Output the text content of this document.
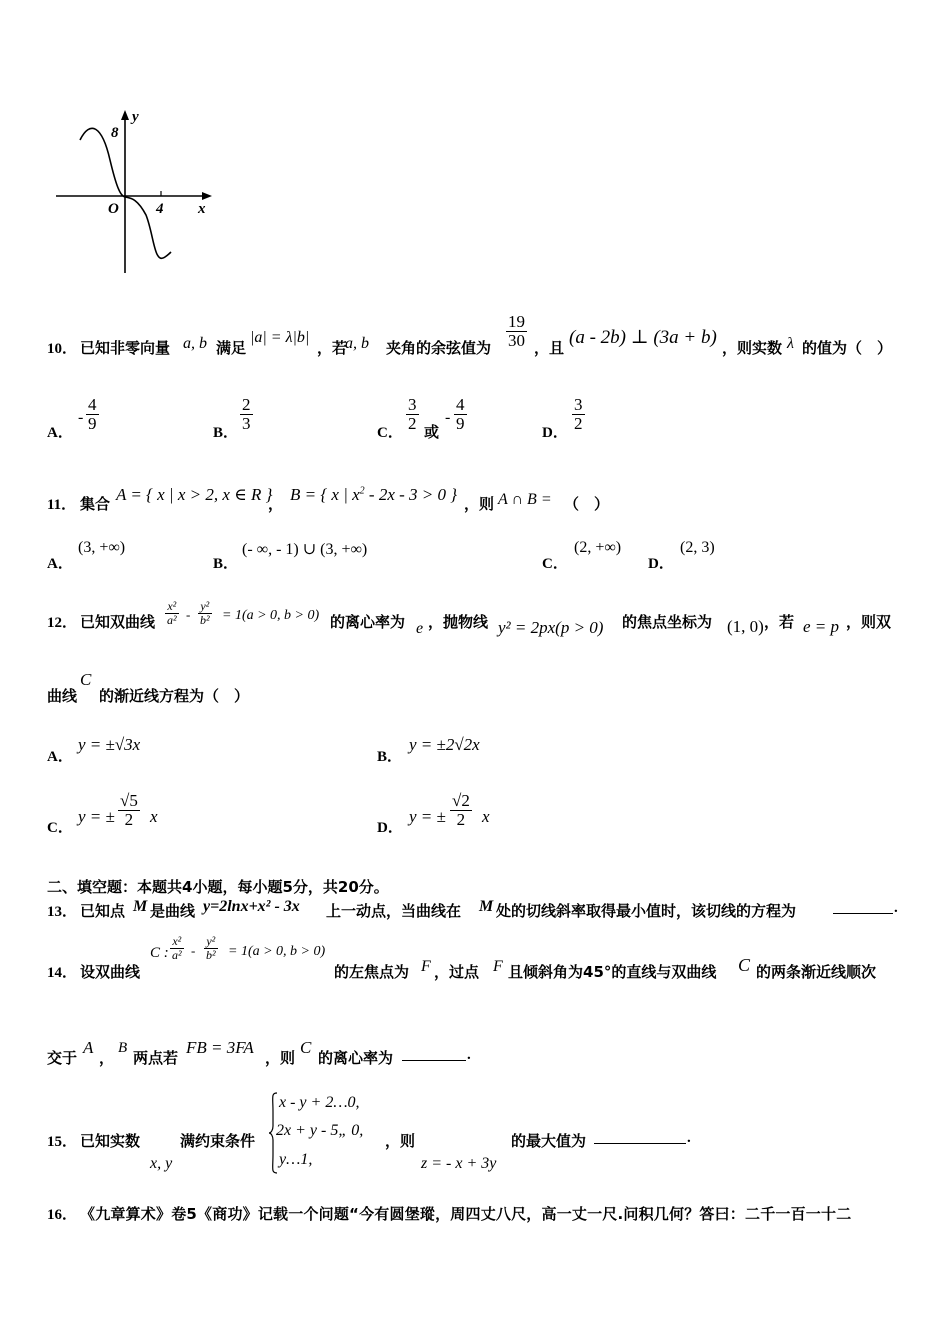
y
8
O 4 x
10． 已知非零向量 a, b 满足
|a| = λ|b|
，若
a, b 夹角的余弦值为 $\frac{19}{30}$ ，且 (a - 2b) ⊥ (3a + b) ，则实数 λ 的值为（　）
A．
- $\frac{4}{9}$	B． $\frac{2}{3}$	C． $\frac{3}{2}$ 或
- $\frac{4}{9}$	D． $\frac{3}{2}$
11． 集合 A = { x | x > 2, x ∈ R }
， B = { x | $x^2 - 2x - 3 > 0$ } ，则 A ∩ B = （　）
A．
(3, +∞)
B．
(- ∞, - 1) ∪ (3, +∞)
C．
(2, +∞)
D．
(2, 3)
12． 已知双曲线 $\frac{\text{x²}}{\text{a²}} - \frac{\text{y²}}{\text{b²}} = 1(a > 0$, b > 0) 的离心率为 e ，抛物线 y² = 2px(p > 0) 的焦点坐标为 (1, 0) ，若 e = p ，则双
曲线
C
的渐近线方程为（　）
A．
y = ±√3x
B．
y = ±2√2x
C．
y = ± $\frac{√5}{2}$ x
D．
y = ± $\frac{√2}{2}$ x
二、填空题：本题共4小题，每小题5分，共20分。
13． 已知点 M 是曲线 y=2lnx+x² - 3x 上一动点，当曲线在 M 处的切线斜率取得最小值时，该切线的方程为	.
14． 设双曲线
C : $\frac{\text{x²}}{\text{a²}} - \frac{\text{y²}}{\text{b²}} = 1(a > 0$, b > 0)
的左焦点为 F ，过点 F 且倾斜角为45°的直线与双曲线 C 的两条渐近线顺次
交于
A
，
B
两点若
FB = 3FA
，则
C
的离心率为	.
15． 已知实数
x, y
满约束条件
x - y + 2…0,
2x + y - 5„ 0,
y…1,
，则
z = - x + 3y
的最大值为	.
16． 《九章算术》卷5《商功》记载一个问题“今有圆堡瑽，周四丈八尺，高一丈一尺.问积几何？答曰：二千一百一十二
